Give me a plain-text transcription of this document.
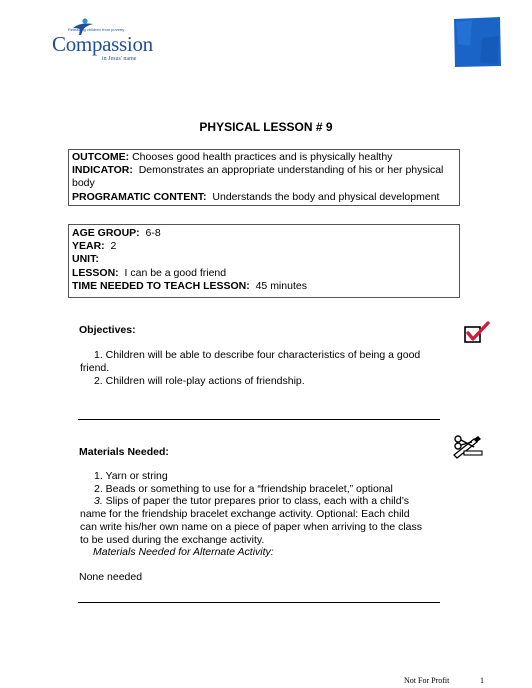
Releasing children from poverty
Compassion
in Jesus' name
PHYSICAL LESSON # 9
OUTCOME: Chooses good health practices and is physically healthy
INDICATOR: Demonstrates an appropriate understanding of his or her physical
body
PROGRAMATIC CONTENT: Understands the body and physical development
AGE GROUP: 6-8
YEAR: 2
UNIT:
LESSON: I can be a good friend
TIME NEEDED TO TEACH LESSON: 45 minutes
Objectives:
1. Children will be able to describe four characteristics of being a good
friend.
2. Children will role-play actions of friendship.
Materials Needed:
1. Yarn or string
2. Beads or something to use for a “friendship bracelet,” optional
3. Slips of paper the tutor prepares prior to class, each with a child’s
name for the friendship bracelet exchange activity. Optional: Each child
can write his/her own name on a piece of paper when arriving to the class
to be used during the exchange activity.
Materials Needed for Alternate Activity:
None needed
Not For Profit	1
